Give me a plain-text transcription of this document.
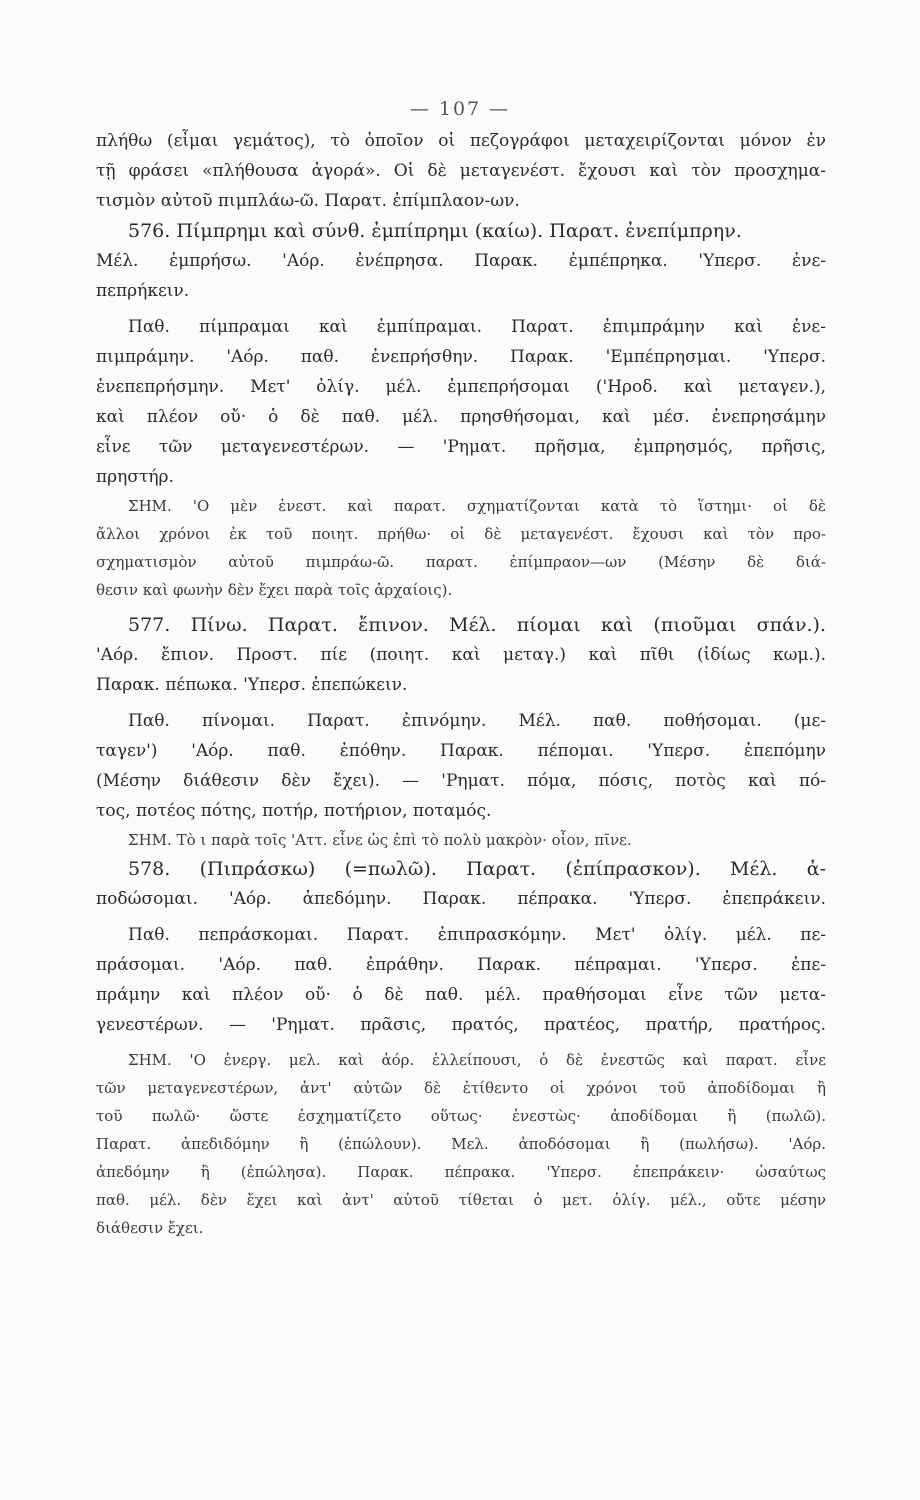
— 107 —
πλήθω (εἶμαι γεμάτος), τὸ ὁποῖον οἱ πεζογράφοι μεταχειρίζονται μόνον ἐν
τῇ φράσει «πλήθουσα ἀγορά». Οἱ δὲ μεταγενέστ. ἔχουσι καὶ τὸν προσχημα-
τισμὸν αὐτοῦ πιμπλάω-ῶ. Παρατ. ἐπίμπλαον-ων.
576. Πίμπρημι καὶ σύνθ. ἐμπίπρημι (καίω). Παρατ. ἐνεπίμπρην.
Μέλ. ἐμπρήσω. 'Αόρ. ἐνέπρησα. Παρακ. ἐμπέπρηκα. 'Υπερσ. ἐνε-
πεπρήκειν.
Παθ. πίμπραμαι καὶ ἐμπίπραμαι. Παρατ. ἐπιμπράμην καὶ ἐνε-
πιμπράμην. 'Αόρ. παθ. ἐνεπρήσθην. Παρακ. 'Εμπέπρησμαι. 'Υπερσ.
ἐνεπεπρήσμην. Μετ' ὀλίγ. μέλ. ἐμπεπρήσομαι ('Ηροδ. καὶ μεταγεν.),
καὶ πλέον οὔ· ὁ δὲ παθ. μέλ. πρησθήσομαι, καὶ μέσ. ἐνεπρησάμην
εἶνε τῶν μεταγενεστέρων. — 'Ρηματ. πρῆσμα, ἐμπρησμός, πρῆσις,
πρηστήρ.
ΣΗΜ. 'Ο μὲν ἐνεστ. καὶ παρατ. σχηματίζονται κατὰ τὸ ἵστημι· οἱ δὲ
ἄλλοι χρόνοι ἐκ τοῦ ποιητ. πρήθω· οἱ δὲ μεταγενέστ. ἔχουσι καὶ τὸν προ-
σχηματισμὸν αὐτοῦ πιμπράω-ῶ. παρατ. ἐπίμπραον—ων (Μέσην δὲ διά-
θεσιν καὶ φωνὴν δὲν ἔχει παρὰ τοῖς ἀρχαίοις).
577. Πίνω. Παρατ. ἔπινον. Μέλ. πίομαι καὶ (πιοῦμαι σπάν.).
'Αόρ. ἔπιον. Προστ. πίε (ποιητ. καὶ μεταγ.) καὶ πῖθι (ἰδίως κωμ.).
Παρακ. πέπωκα. 'Υπερσ. ἐπεπώκειν.
Παθ. πίνομαι. Παρατ. ἐπινόμην. Μέλ. παθ. ποθήσομαι. (με-
ταγεν') 'Αόρ. παθ. ἐπόθην. Παρακ. πέπομαι. 'Υπερσ. ἐπεπόμην
(Μέσην διάθεσιν δὲν ἔχει). — 'Ρηματ. πόμα, πόσις, ποτὸς καὶ πό-
τος, ποτέος πότης, ποτήρ, ποτήριον, ποταμός.
ΣΗΜ. Τὸ ι παρὰ τοῖς 'Αττ. εἶνε ὡς ἐπὶ τὸ πολὺ μακρὸν· οἷον, πῖνε.
578. (Πιπράσκω) (=πωλῶ). Παρατ. (ἐπίπρασκον). Μέλ. ἀ-
ποδώσομαι. 'Αόρ. ἀπεδόμην. Παρακ. πέπρακα. 'Υπερσ. ἐπεπράκειν.
Παθ. πεπράσκομαι. Παρατ. ἐπιπρασκόμην. Μετ' ὀλίγ. μέλ. πε-
πράσομαι. 'Αόρ. παθ. ἐπράθην. Παρακ. πέπραμαι. 'Υπερσ. ἐπε-
πράμην καὶ πλέον οὔ· ὁ δὲ παθ. μέλ. πραθήσομαι εἶνε τῶν μετα-
γενεστέρων. — 'Ρηματ. πρᾶσις, πρατός, πρατέος, πρατήρ, πρατήρος.
ΣΗΜ. 'Ο ἐνεργ. μελ. καὶ ἀόρ. ἐλλείπουσι, ὁ δὲ ἐνεστῶς καὶ παρατ. εἶνε
τῶν μεταγενεστέρων, ἀντ' αὐτῶν δὲ ἐτίθεντο οἱ χρόνοι τοῦ ἀποδίδομαι ἢ
τοῦ πωλῶ· ὥστε ἐσχηματίζετο οὕτως· ἐνεστὼς· ἀποδίδομαι ἢ (πωλῶ).
Παρατ. ἀπεδιδόμην ἢ (ἐπώλουν). Μελ. ἀποδόσομαι ἢ (πωλήσω). 'Αόρ.
ἀπεδόμην ἢ (ἐπώλησα). Παρακ. πέπρακα. 'Υπερσ. ἐπεπράκειν· ὡσαύτως
παθ. μέλ. δὲν ἔχει καὶ ἀντ' αὐτοῦ τίθεται ὁ μετ. ὀλίγ. μέλ., οὔτε μέσην
διάθεσιν ἔχει.
